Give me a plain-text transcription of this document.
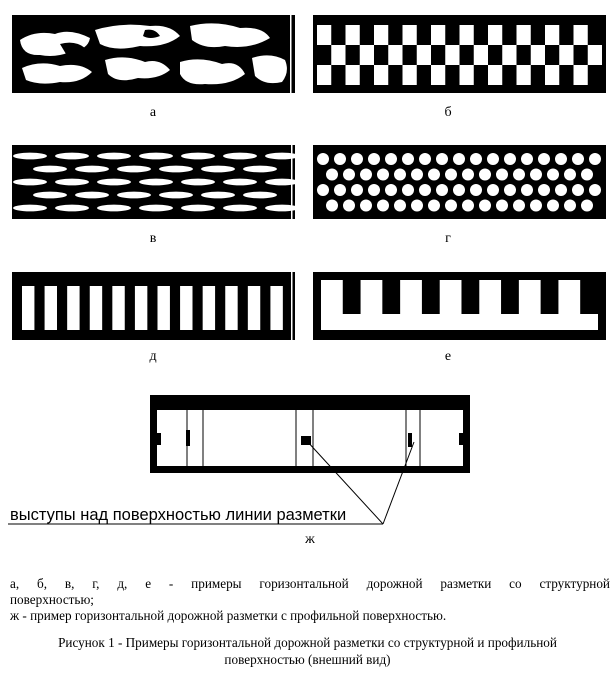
а	б
в	г
д	е
выступы над поверхностью линии разметки
ж
а, б, в, г, д, е - примеры горизонтальной дорожной разметки со структурной
поверхностью;
ж - пример горизонтальной дорожной разметки с профильной поверхностью.
Рисунок 1 - Примеры горизонтальной дорожной разметки со структурной и профильной
поверхностью (внешний вид)
